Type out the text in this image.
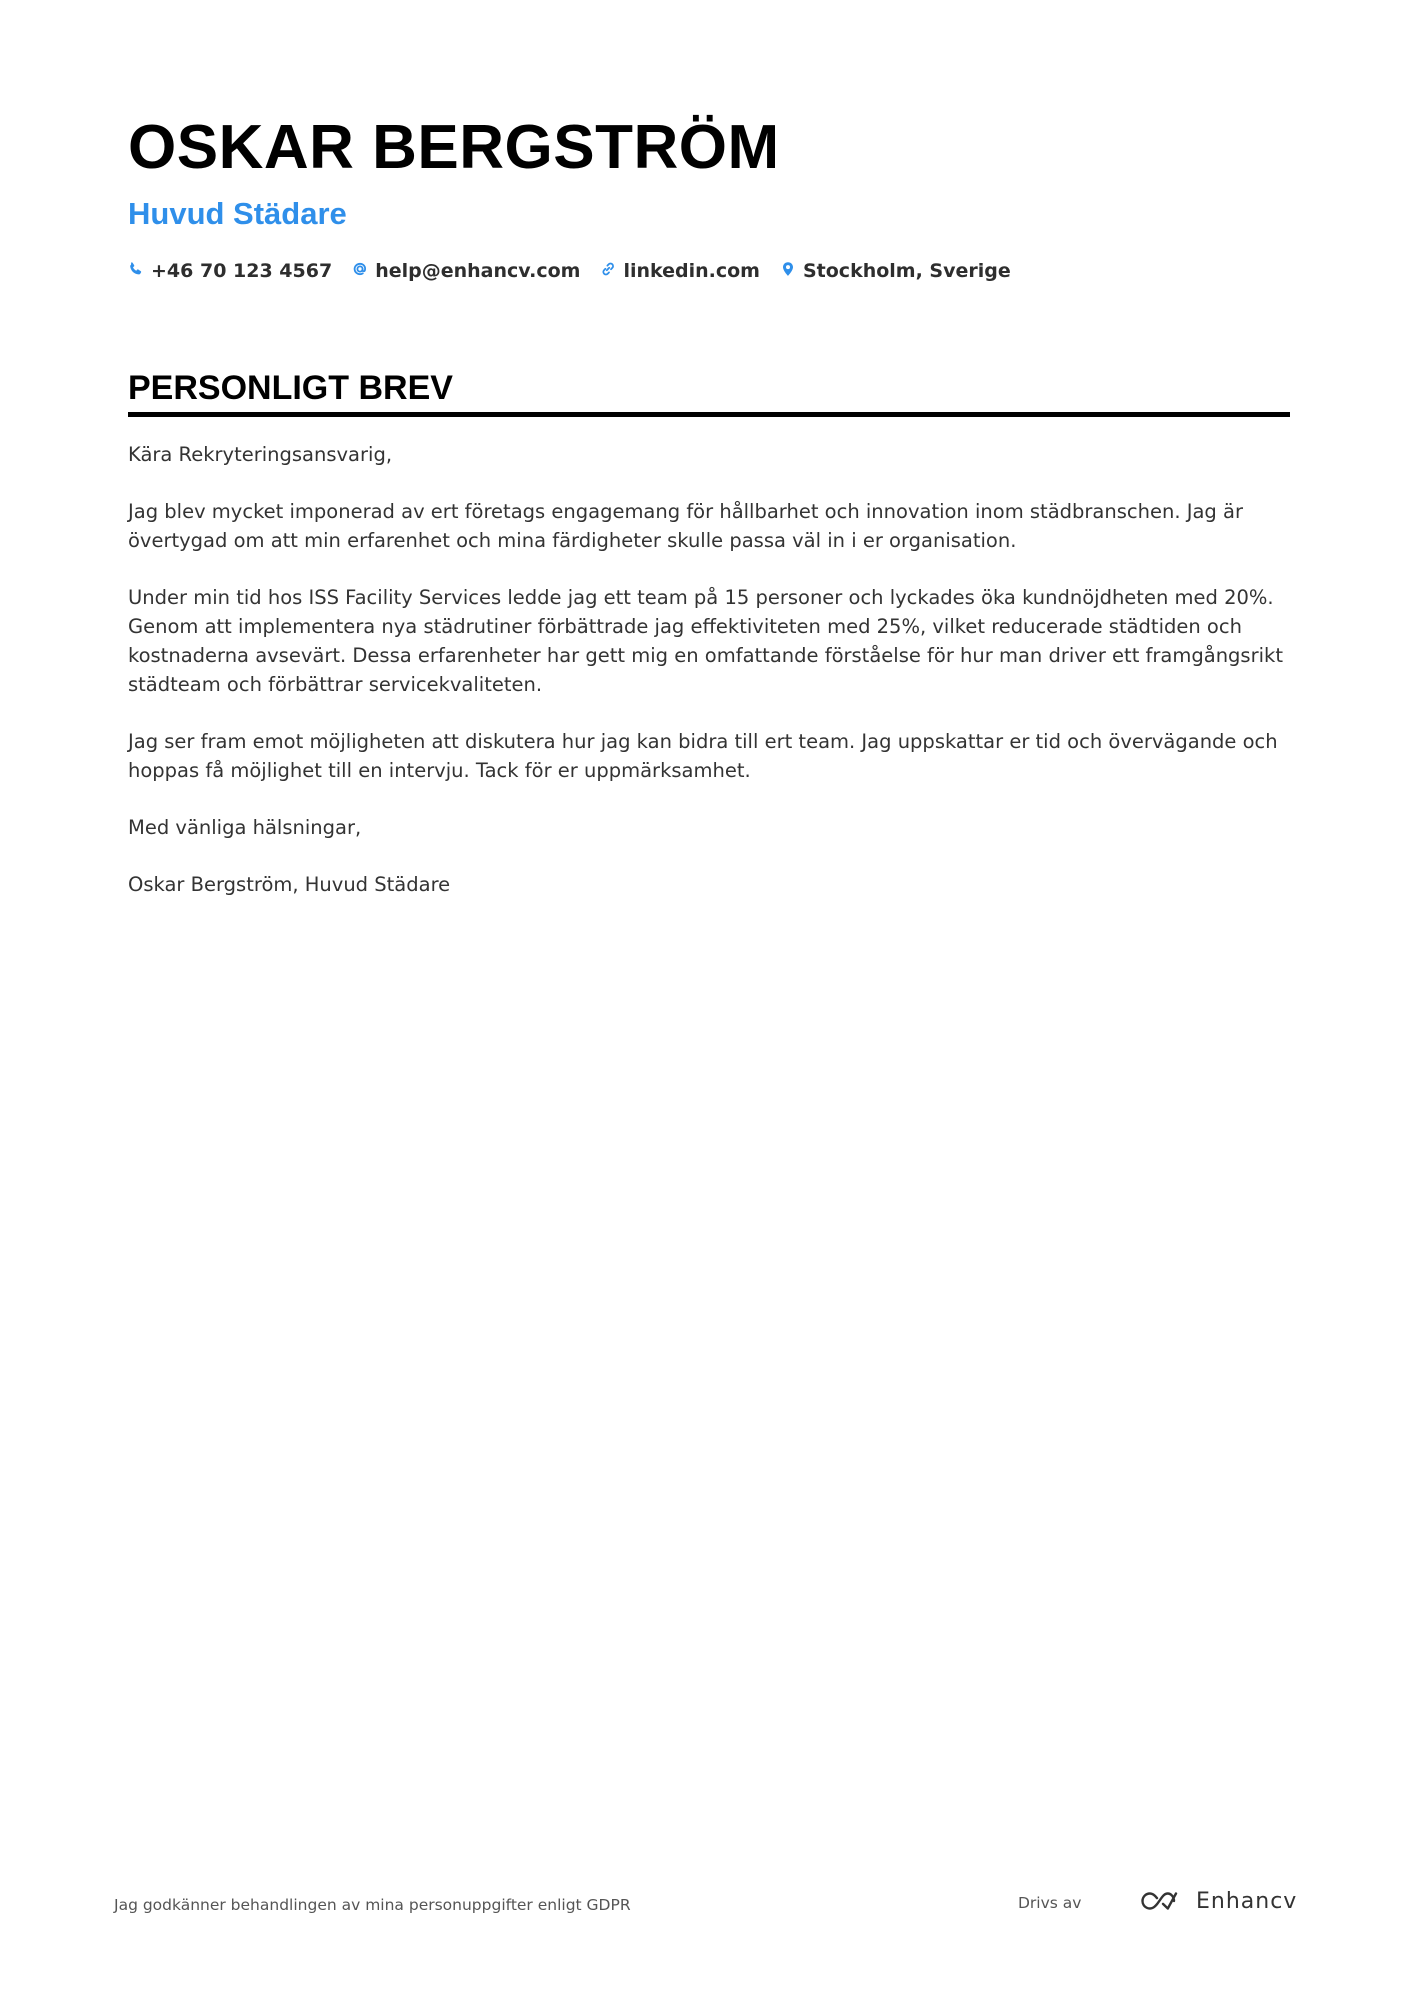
OSKAR BERGSTRÖM
Huvud Städare
+46 70 123 4567 help@enhancv.com linkedin.com Stockholm, Sverige
PERSONLIGT BREV

Kära Rekryteringsansvarig,

Jag blev mycket imponerad av ert företags engagemang för hållbarhet och innovation inom städbranschen. Jag är övertygad om att min erfarenhet och mina färdigheter skulle passa väl in i er organisation.

Under min tid hos ISS Facility Services ledde jag ett team på 15 personer och lyckades öka kundnöjdheten med 20%. Genom att implementera nya städrutiner förbättrade jag effektiviteten med 25%, vilket reducerade städtiden och kostnaderna avsevärt. Dessa erfarenheter har gett mig en omfattande förståelse för hur man driver ett framgångsrikt städteam och förbättrar servicekvaliteten.

Jag ser fram emot möjligheten att diskutera hur jag kan bidra till ert team. Jag uppskattar er tid och övervägande och hoppas få möjlighet till en intervju. Tack för er uppmärksamhet.

Med vänliga hälsningar,

Oskar Bergström, Huvud Städare

Jag godkänner behandlingen av mina personuppgifter enligt GDPR	Drivs av	Enhancv
